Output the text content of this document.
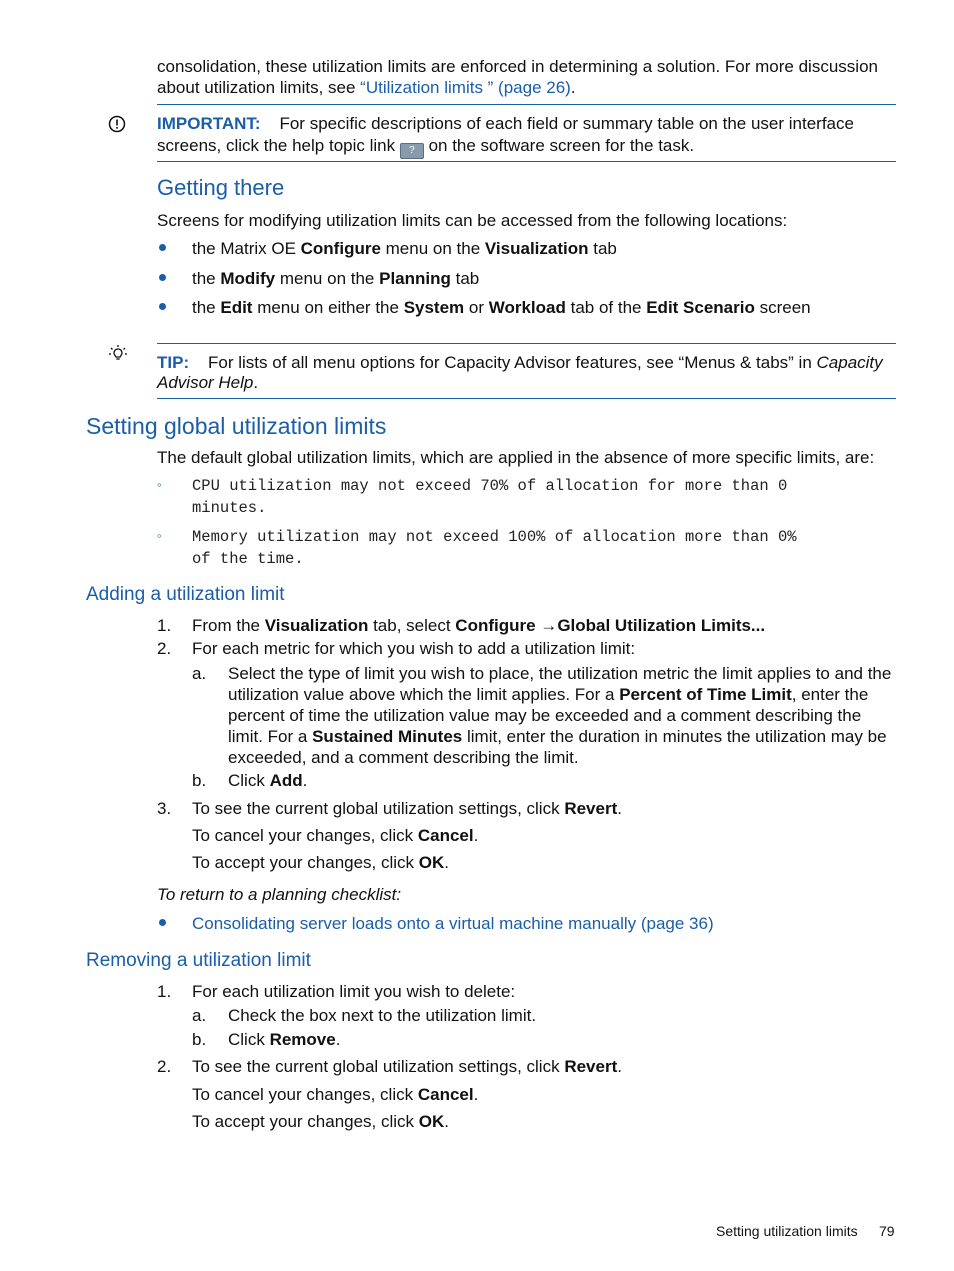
consolidation, these utilization limits are enforced in determining a solution. For more discussion
about utilization limits, see “Utilization limits ” (page 26).
IMPORTANT: For specific descriptions of each field or summary table on the user interface
screens, click the help topic link ? on the software screen for the task.
Getting there
Screens for modifying utilization limits can be accessed from the following locations:
the Matrix OE Configure menu on the Visualization tab
the Modify menu on the Planning tab
the Edit menu on either the System or Workload tab of the Edit Scenario screen
TIP: For lists of all menu options for Capacity Advisor features, see “Menus & tabs” in Capacity
Advisor Help.
Setting global utilization limits
The default global utilization limits, which are applied in the absence of more specific limits, are:
◦ CPU utilization may not exceed 70% of allocation for more than 0
minutes.
◦ Memory utilization may not exceed 100% of allocation more than 0%
of the time.
Adding a utilization limit
1. From the Visualization tab, select Configure →Global Utilization Limits...
2. For each metric for which you wish to add a utilization limit:
a. Select the type of limit you wish to place, the utilization metric the limit applies to and the
utilization value above which the limit applies. For a Percent of Time Limit, enter the
percent of time the utilization value may be exceeded and a comment describing the
limit. For a Sustained Minutes limit, enter the duration in minutes the utilization may be
exceeded, and a comment describing the limit.
b. Click Add.
3. To see the current global utilization settings, click Revert.
To cancel your changes, click Cancel.
To accept your changes, click OK.
To return to a planning checklist:
Consolidating server loads onto a virtual machine manually (page 36)
Removing a utilization limit
1. For each utilization limit you wish to delete:
a. Check the box next to the utilization limit.
b. Click Remove.
2. To see the current global utilization settings, click Revert.
To cancel your changes, click Cancel.
To accept your changes, click OK.
Setting utilization limits 79
